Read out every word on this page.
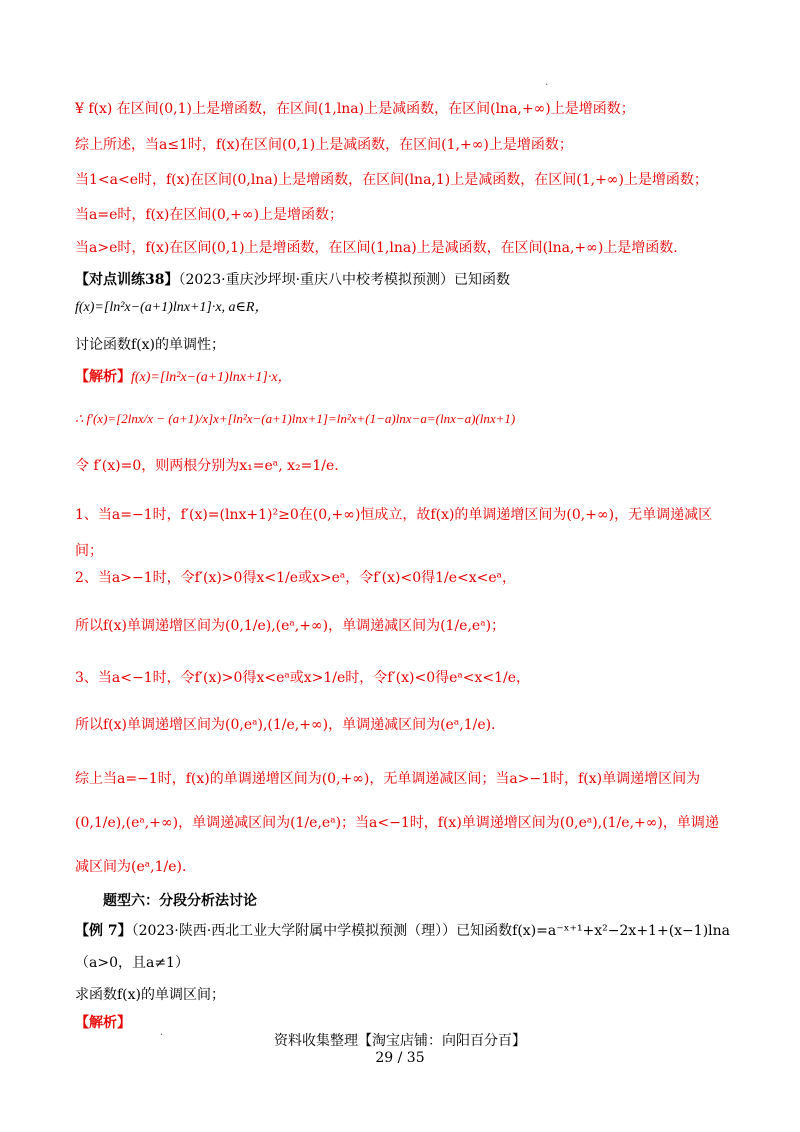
·
¥ f(x) 在区间(0,1)上是增函数，在区间(1,lna)上是减函数，在区间(lna,+∞)上是增函数；
综上所述，当a≤1时，f(x)在区间(0,1)上是减函数，在区间(1,+∞)上是增函数；
当1<a<e时，f(x)在区间(0,lna)上是增函数，在区间(lna,1)上是减函数，在区间(1,+∞)上是增函数；
当a=e时，f(x)在区间(0,+∞)上是增函数；
当a>e时，f(x)在区间(0,1)上是增函数，在区间(1,lna)上是减函数，在区间(lna,+∞)上是增函数.
【对点训练38】（2023·重庆沙坪坝·重庆八中校考模拟预测）已知函数
f(x)=[ln²x−(a+1)lnx+1]·x, a∈R，
讨论函数f(x)的单调性；
【解析】f(x)=[ln²x−(a+1)lnx+1]·x，
∴ f′(x)=[2lnx/x − (a+1)/x]x+[ln²x−(a+1)lnx+1]=ln²x+(1−a)lnx−a=(lnx−a)(lnx+1)
令 f′(x)=0，则两根分别为x₁=eᵃ, x₂=1/e.
1、当a=−1时，f′(x)=(lnx+1)²≥0在(0,+∞)恒成立，故f(x)的单调递增区间为(0,+∞)，无单调递减区间；
2、当a>−1时，令f′(x)>0得x<1/e或x>eᵃ，令f′(x)<0得1/e<x<eᵃ，
所以f(x)单调递增区间为(0,1/e),(eᵃ,+∞)，单调递减区间为(1/e,eᵃ)；
3、当a<−1时，令f′(x)>0得x<eᵃ或x>1/e时，令f′(x)<0得eᵃ<x<1/e，
所以f(x)单调递增区间为(0,eᵃ),(1/e,+∞)，单调递减区间为(eᵃ,1/e).
综上当a=−1时，f(x)的单调递增区间为(0,+∞)，无单调递减区间；当a>−1时，f(x)单调递增区间为(0,1/e),(eᵃ,+∞)，单调递减区间为(1/e,eᵃ)；当a<−1时，f(x)单调递增区间为(0,eᵃ),(1/e,+∞)，单调递减区间为(eᵃ,1/e).
题型六：分段分析法讨论
【例 7】（2023·陕西·西北工业大学附属中学模拟预测（理））已知函数f(x)=a⁻ˣ⁺¹+x²−2x+1+(x−1)lna
（a>0，且a≠1）
求函数f(x)的单调区间；
【解析】
·	资料收集整理【淘宝店铺：向阳百分百】
29 / 35
